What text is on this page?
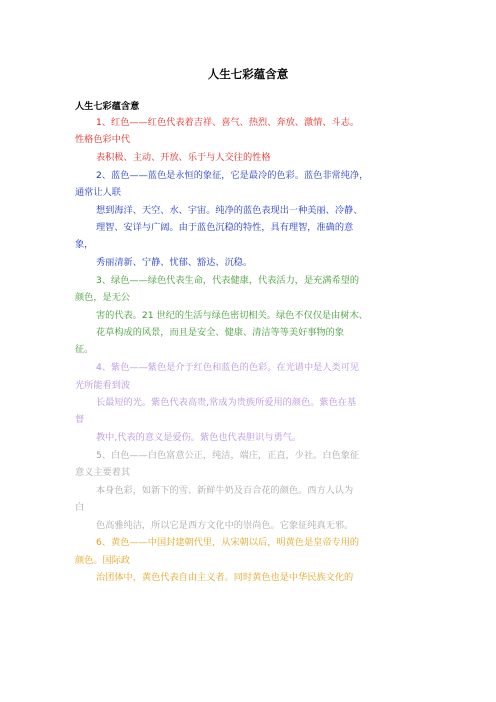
人生七彩蕴含意
人生七彩蕴含意
1、红色——红色代表着吉祥、喜气、热烈、奔放、激情、斗志。
性格色彩中代
表积极、主动、开放、乐于与人交往的性格
2、蓝色——蓝色是永恒的象征，它是最冷的色彩。蓝色非常纯净，
通常让人联
想到海洋、天空、水、宇宙。纯净的蓝色表现出一种美丽、冷静、
理智、安详与广阔。由于蓝色沉稳的特性，具有理智，准确的意
象，
秀丽清新、宁静、忧郁、豁达、沉稳。
3、绿色——绿色代表生命，代表健康，代表活力，是充满希望的
颜色，是无公
害的代表。21 世纪的生活与绿色密切相关。绿色不仅仅是由树木、
花草构成的风景，而且是安全、健康、清洁等等美好事物的象
征。
4、紫色——紫色是介于红色和蓝色的色彩。在光谱中是人类可见
光所能看到波
长最短的光。紫色代表高贵,常成为贵族所爱用的颜色。紫色在基
督
教中,代表的意义是爱伤。紫色也代表胆识与勇气。
5、白色——白色富意公正，纯洁，端庄，正直，少社。白色象征
意义主要着其
本身色彩，如新下的雪、新鲜牛奶及百合花的颜色。西方人认为
白
色高雅纯洁，所以它是西方文化中的崇尚色。它象征纯真无邪。
6、黄色——中国封建朝代里，从宋朝以后，明黄色是皇帝专用的
颜色。国际政
治团体中，黄色代表自由主义者。同时黄色也是中华民族文化的
